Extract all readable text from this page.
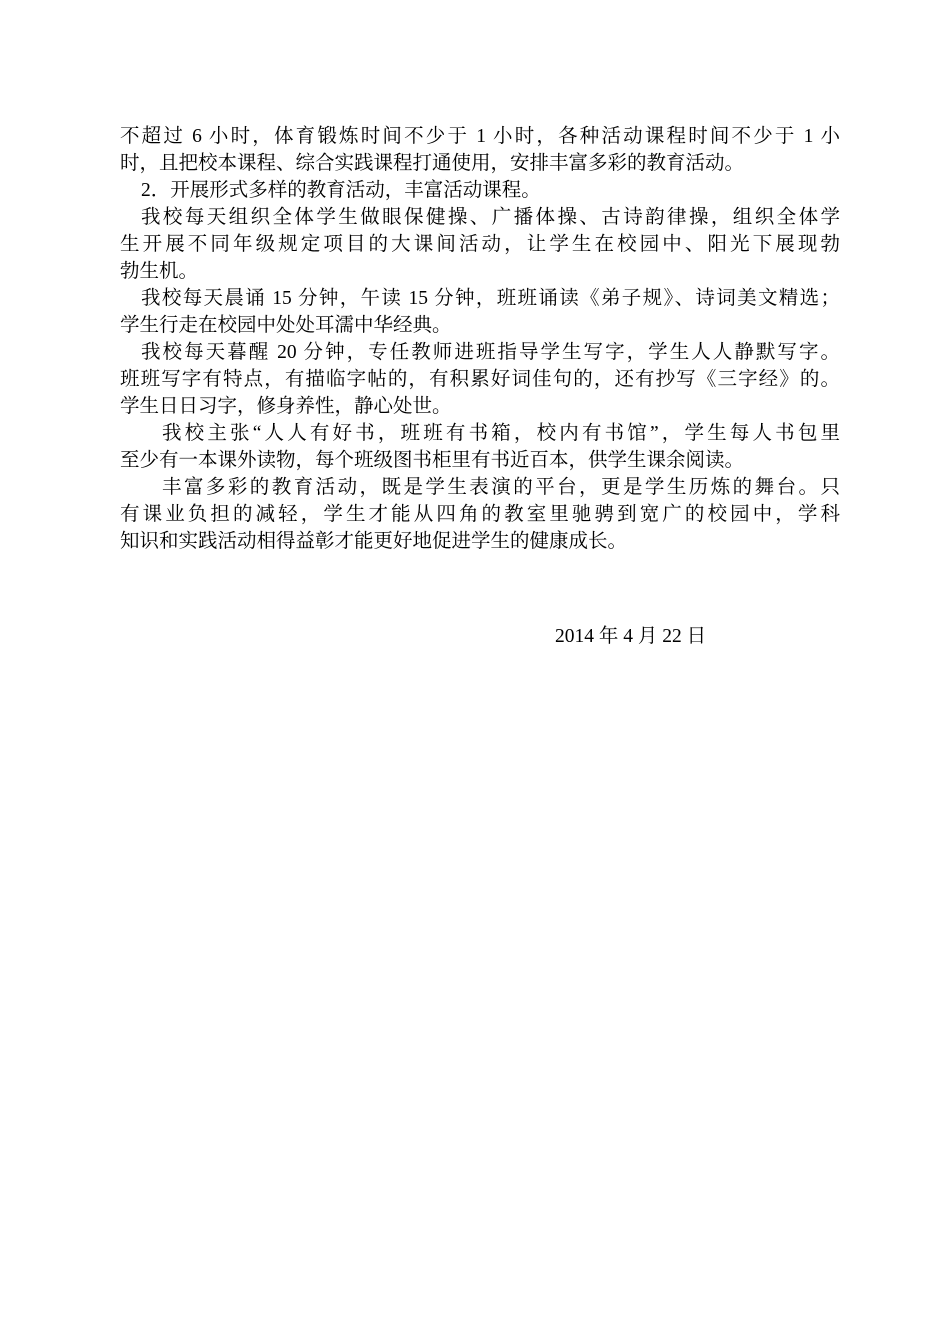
不超过 6 小时，体育锻炼时间不少于 1 小时，各种活动课程时间不少于 1 小
时，且把校本课程、综合实践课程打通使用，安排丰富多彩的教育活动。
2．开展形式多样的教育活动，丰富活动课程。
我校每天组织全体学生做眼保健操、广播体操、古诗韵律操，组织全体学
生开展不同年级规定项目的大课间活动，让学生在校园中、阳光下展现勃
勃生机。
我校每天晨诵 15 分钟，午读 15 分钟，班班诵读《弟子规》、诗词美文精选；
学生行走在校园中处处耳濡中华经典。
我校每天暮醒 20 分钟，专任教师进班指导学生写字，学生人人静默写字。
班班写字有特点，有描临字帖的，有积累好词佳句的，还有抄写《三字经》的。
学生日日习字，修身养性，静心处世。
我校主张“人人有好书，班班有书箱，校内有书馆”，学生每人书包里
至少有一本课外读物，每个班级图书柜里有书近百本，供学生课余阅读。
丰富多彩的教育活动，既是学生表演的平台，更是学生历炼的舞台。只
有课业负担的减轻，学生才能从四角的教室里驰骋到宽广的校园中，学科
知识和实践活动相得益彰才能更好地促进学生的健康成长。
2014 年 4 月 22 日
